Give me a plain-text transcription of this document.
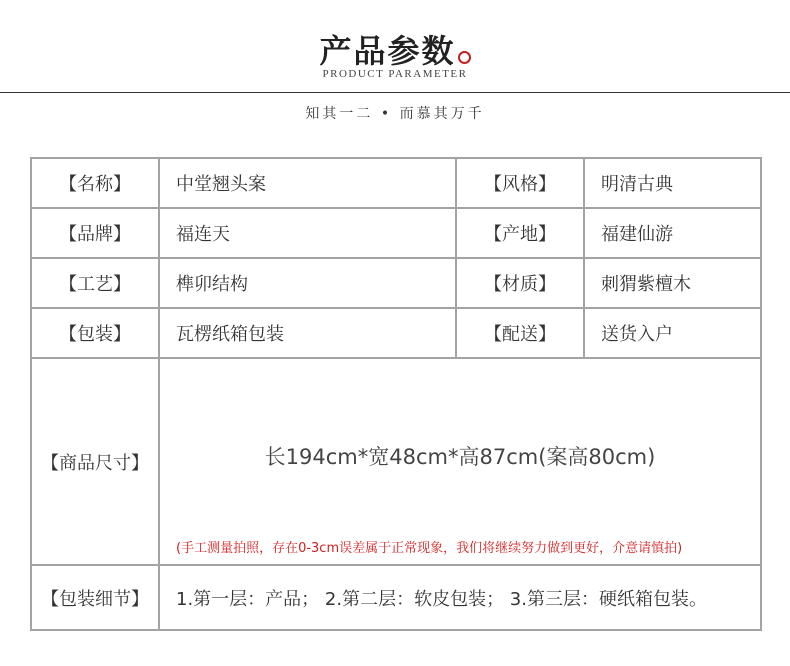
产品参数
PRODUCT PARAMETER
知其一二 • 而慕其万千
【名称】	中堂翘头案	【风格】	明清古典
【品牌】	福连天	【产地】	福建仙游
【工艺】	榫卯结构	【材质】	刺猬紫檀木
【包装】	瓦楞纸箱包装	【配送】	送货入户
【商品尺寸】	长194cm*宽48cm*高87cm(案高80cm)
(手工测量拍照，存在0-3cm误差属于正常现象，我们将继续努力做到更好，介意请慎拍)		

【包装细节】	1.第一层：产品； 2.第二层：软皮包装； 3.第三层：硬纸箱包装。		
